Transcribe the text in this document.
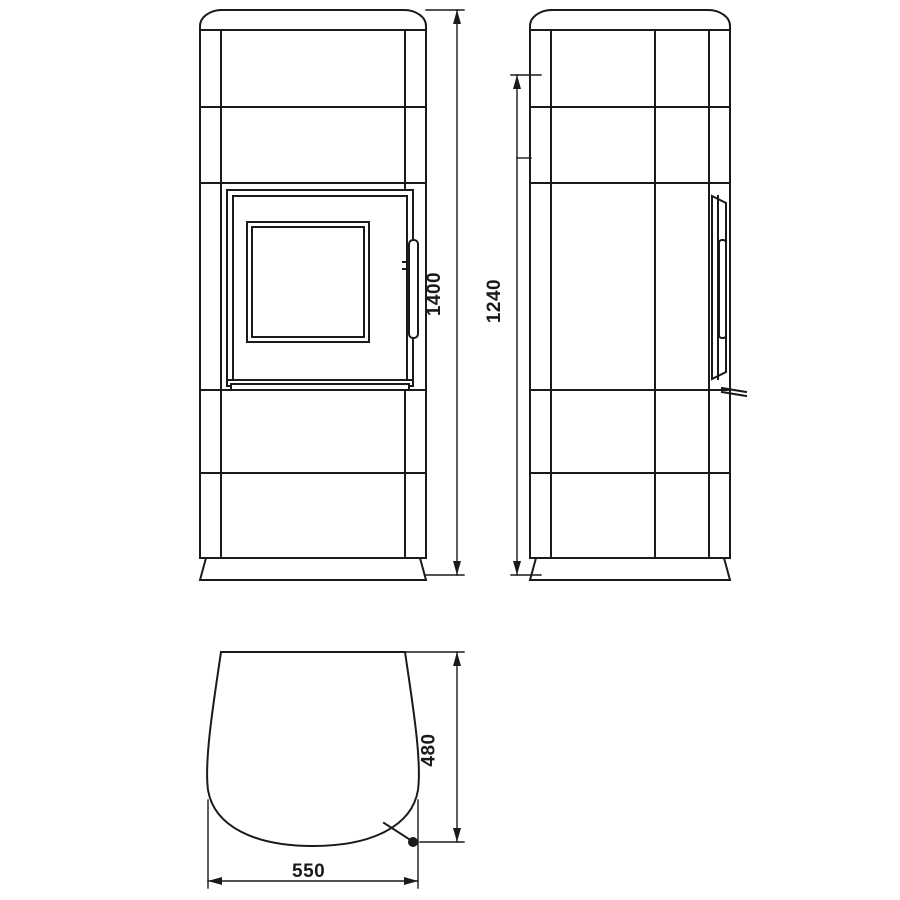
1400 1240
480
550
